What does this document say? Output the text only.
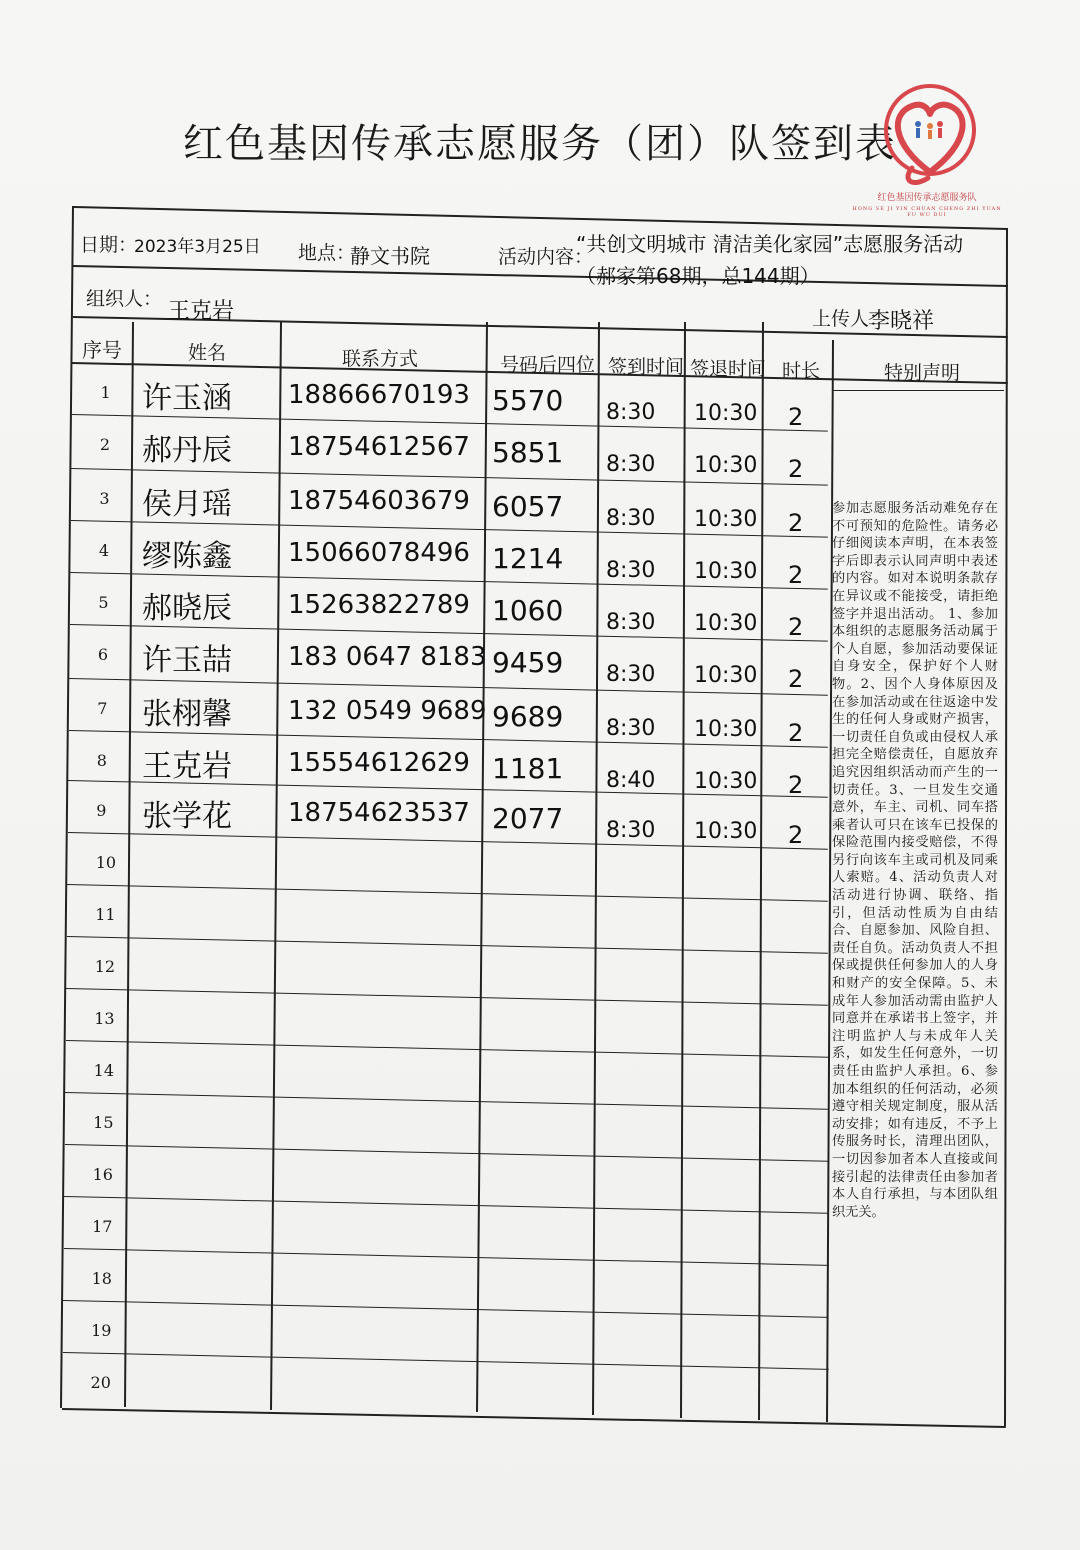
红色基因传承志愿服务（团）队签到表
红色基因传承志愿服务队
HONG SE JI YIN CHUAN CHENG ZHI YUAN FU WU DUI
日期：
2023年3月25日 地点：
静文书院	活动内容：
“共创文明城市 清洁美化家园”志愿服务活动
（郝家第68期，总144期）
组织人： 王克岩	上传人：
李晓祥
序号	姓名	联系方式	号码后四位 签到时间 签退时间 时长	特别声明
1 许玉涵 18866670193 5570 8:30 10:30 2
2 郝丹辰 18754612567 5851 8:30 10:30 2
3 侯月瑶 18754603679 6057 8:30 10:30 2
4 缪陈鑫 15066078496 1214 8:30 10:30 2
5 郝晓辰 15263822789 1060 8:30 10:30 2
6 许玉喆 183 0647 8183 9459 8:30 10:30 2
7 张栩馨 132 0549 9689 9689 8:30 10:30 2
8 王克岩 15554612629 1181 8:40 10:30 2
9 张学花 18754623537 2077 8:30 10:30 2
10
11
12
13
14
15
16
17
18
19
20
参加志愿服务活动难免存在不可预知的危险性。请务必仔细阅读本声明，在本表签字后即表示认同声明中表述的内容。如对本说明条款存在异议或不能接受，请拒绝签字并退出活动。 1、参加本组织的志愿服务活动属于个人自愿，参加活动要保证自身安全，保护好个人财物。2、因个人身体原因及在参加活动或在往返途中发生的任何人身或财产损害，一切责任自负或由侵权人承担完全赔偿责任，自愿放弃追究因组织活动而产生的一切责任。3、一旦发生交通意外，车主、司机、同车搭乘者认可只在该车已投保的保险范围内接受赔偿，不得另行向该车主或司机及同乘人索赔。4、活动负责人对活动进行协调、联络、指引，但活动性质为自由结合、自愿参加、风险自担、责任自负。活动负责人不担保或提供任何参加人的人身和财产的安全保障。5、未成年人参加活动需由监护人同意并在承诺书上签字，并注明监护人与未成年人关系，如发生任何意外，一切责任由监护人承担。6、参加本组织的任何活动，必须遵守相关规定制度，服从活动安排；如有违反，不予上传服务时长，清理出团队，一切因参加者本人直接或间接引起的法律责任由参加者本人自行承担，与本团队组织无关。
